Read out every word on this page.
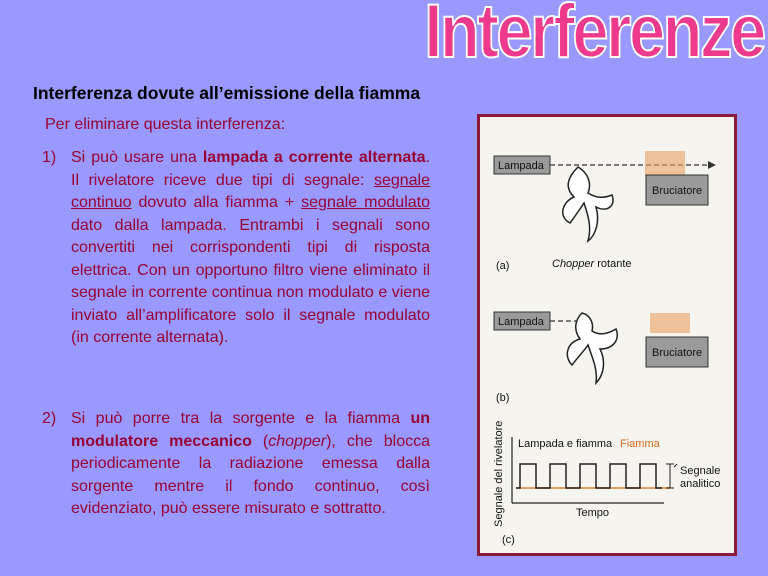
Interferenze
Interferenza dovute all’emissione della fiamma
Per eliminare questa interferenza:
1) Si può usare una lampada a corrente alternata. Il rivelatore riceve due tipi di segnale: segnale continuo dovuto alla fiamma + segnale modulato dato dalla lampada. Entrambi i segnali sono convertiti nei corrispondenti tipi di risposta elettrica. Con un opportuno filtro viene eliminato il segnale in corrente continua non modulato e viene inviato all’amplificatore solo il segnale modulato (in corrente alternata).
2) Si può porre tra la sorgente e la fiamma un modulatore meccanico (chopper), che blocca periodicamente la radiazione emessa dalla sorgente mentre il fondo continuo, così evidenziato, può essere misurato e sottratto.
Lampada
Bruciatore
(a)	Chopper rotante
Lampada
Bruciatore
(b)
Segnale del rivelatore Lampada e fiamma Fiamma
Segnale
analitico
Tempo
(c)
